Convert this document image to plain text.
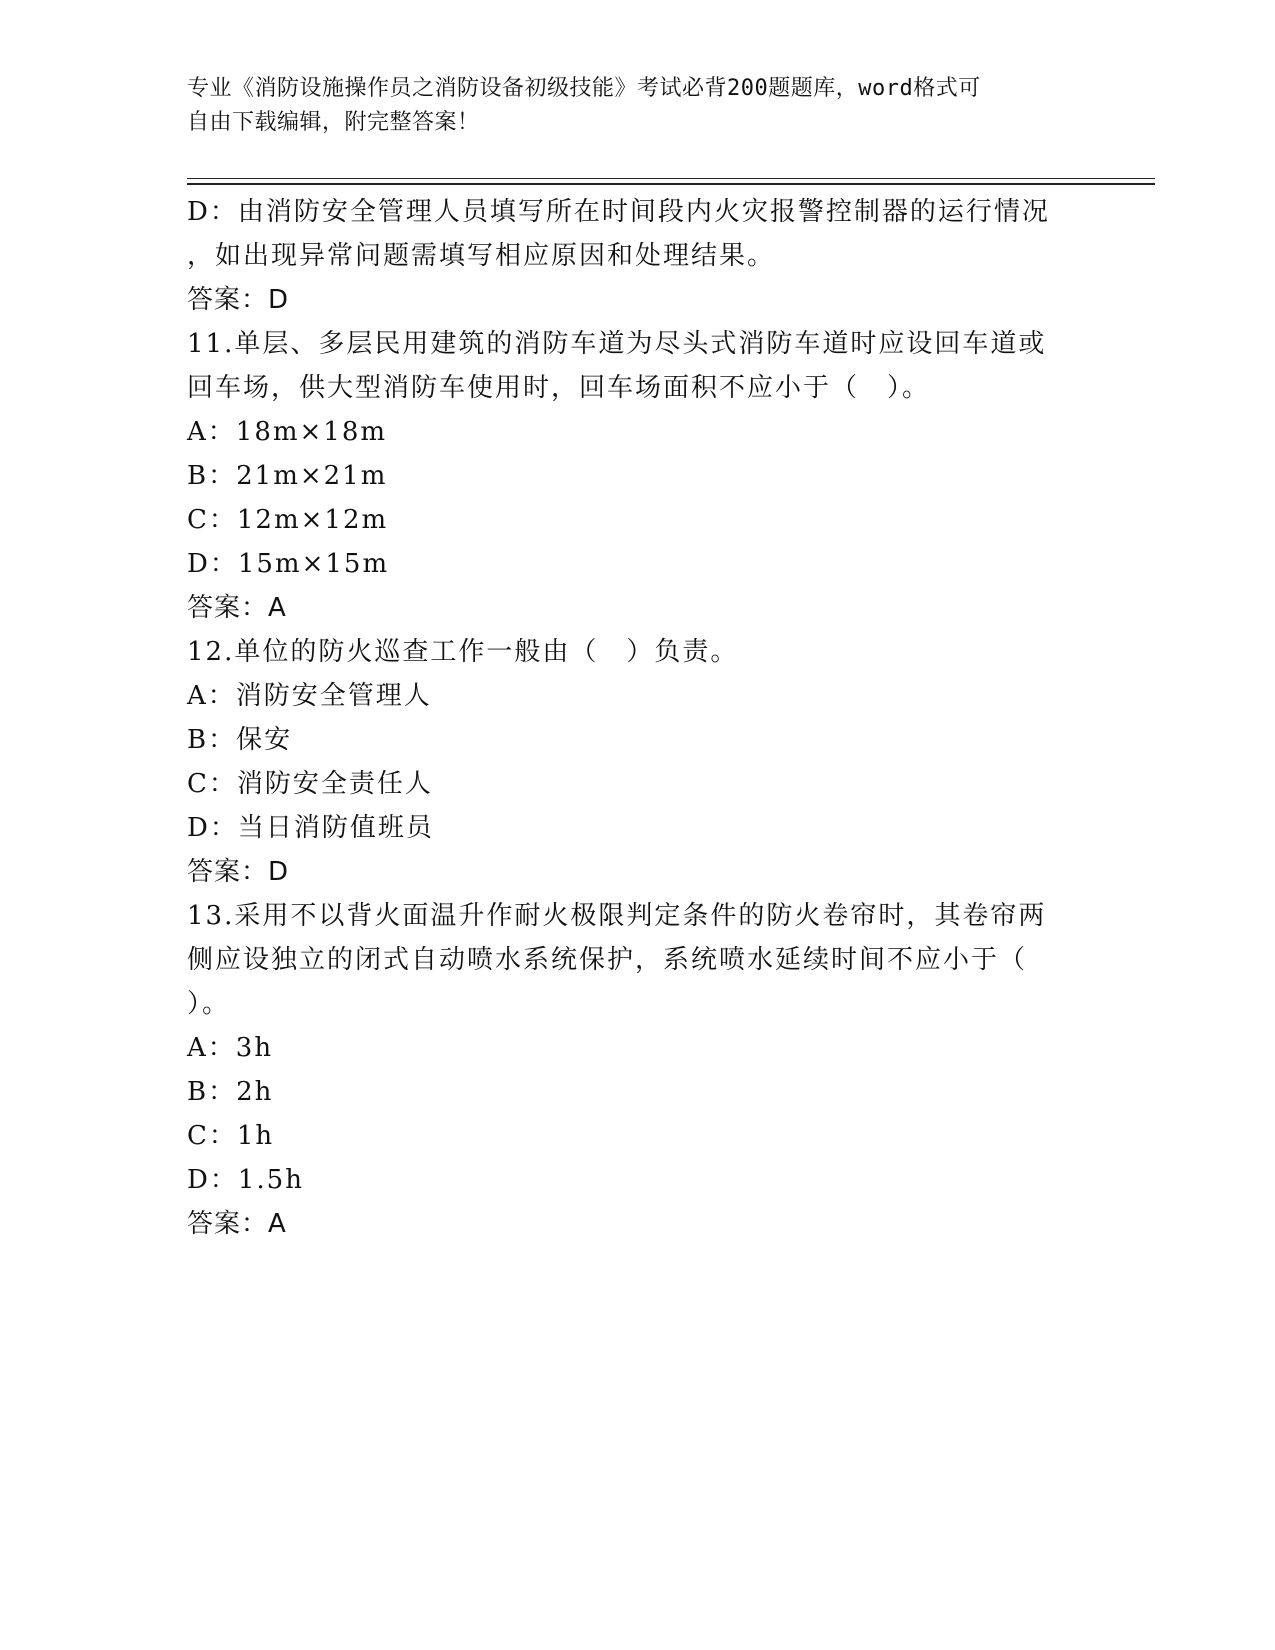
专业《消防设施操作员之消防设备初级技能》考试必背200题题库，word格式可
自由下载编辑，附完整答案！
D：由消防安全管理人员填写所在时间段内火灾报警控制器的运行情况
，如出现异常问题需填写相应原因和处理结果。
答案：D
11.单层、多层民用建筑的消防车道为尽头式消防车道时应设回车道或
回车场，供大型消防车使用时，回车场面积不应小于（　）。
A：18m×18m
B：21m×21m
C：12m×12m
D：15m×15m
答案：A
12.单位的防火巡查工作一般由（　）负责。
A：消防安全管理人
B：保安
C：消防安全责任人
D：当日消防值班员
答案：D
13.采用不以背火面温升作耐火极限判定条件的防火卷帘时，其卷帘两
侧应设独立的闭式自动喷水系统保护，系统喷水延续时间不应小于（
）。
A：3h
B：2h
C：1h
D：1.5h
答案：A
